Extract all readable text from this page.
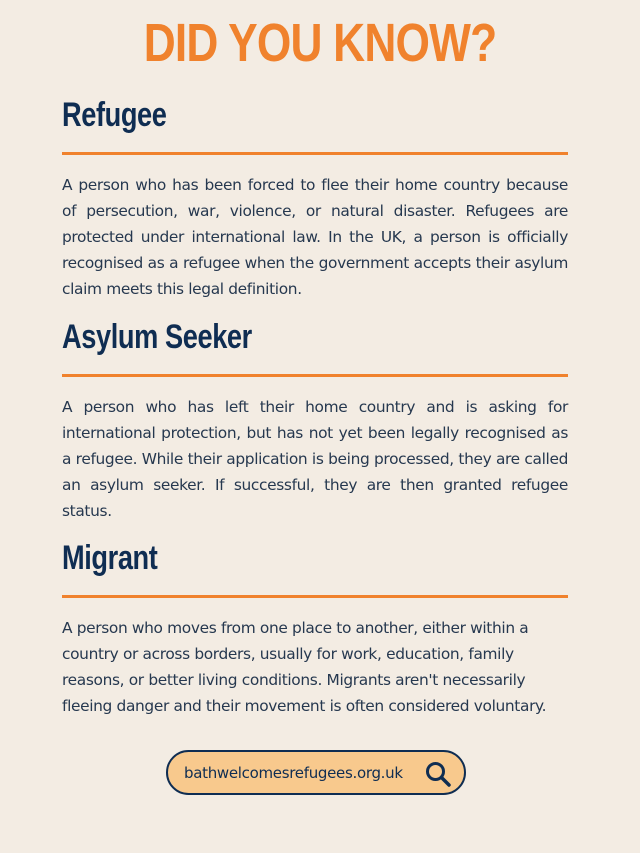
DID YOU KNOW?
Refugee

A person who has been forced to flee their home country because of persecution, war, violence, or natural disaster. Refugees are protected under international law. In the UK, a person is officially recognised as a refugee when the government accepts their asylum claim meets this legal definition.

Asylum Seeker

A person who has left their home country and is asking for international protection, but has not yet been legally recognised as a refugee. While their application is being processed, they are called an asylum seeker. If successful, they are then granted refugee status.

Migrant

A person who moves from one place to another, either within a country or across borders, usually for work, education, family reasons, or better living conditions. Migrants aren't necessarily fleeing danger and their movement is often considered voluntary.

bathwelcomesrefugees.org.uk
